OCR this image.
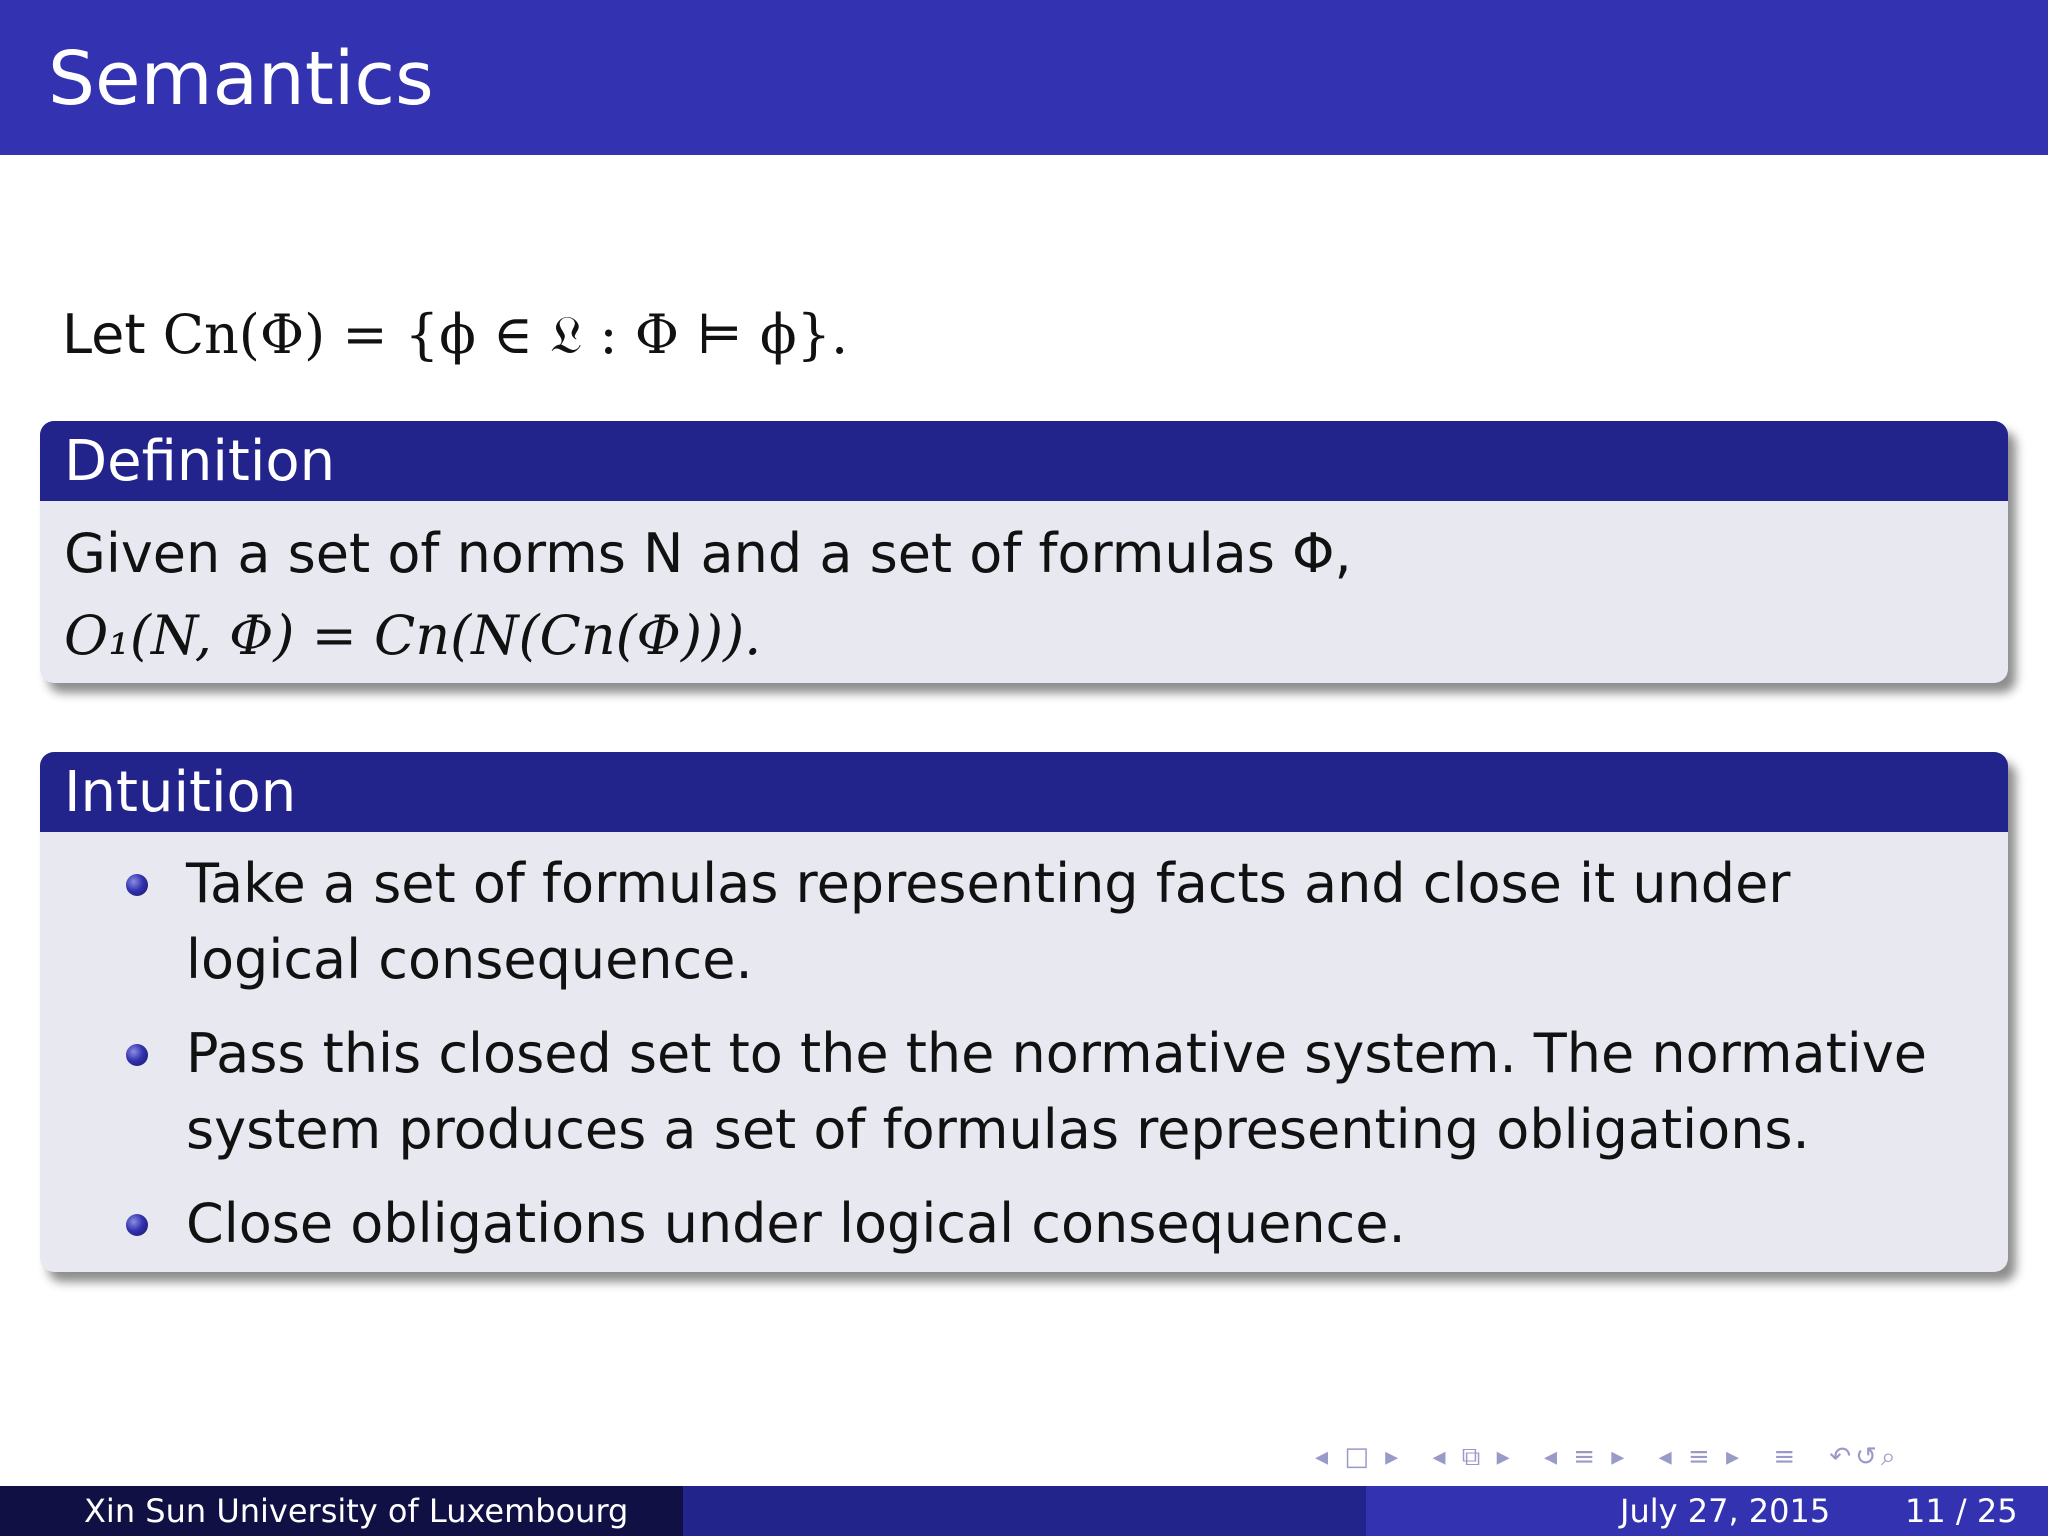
Semantics
Let Cn(Φ) = {ϕ ∈ 𝔏 : Φ ⊨ ϕ}.
Definition
Given a set of norms N and a set of formulas Φ,
O₁(N, Φ) = Cn(N(Cn(Φ))).
Intuition
Take a set of formulas representing facts and close it under logical consequence.
Pass this closed set to the the normative system. The normative system produces a set of formulas representing obligations.
Close obligations under logical consequence.
◂ □ ▸ ◂ ⧉ ▸ ◂ ≡ ▸ ◂ ≡ ▸ ≡ ↶↺⌕
Xin Sun University of Luxembourg	July 27, 2015 11 / 25
